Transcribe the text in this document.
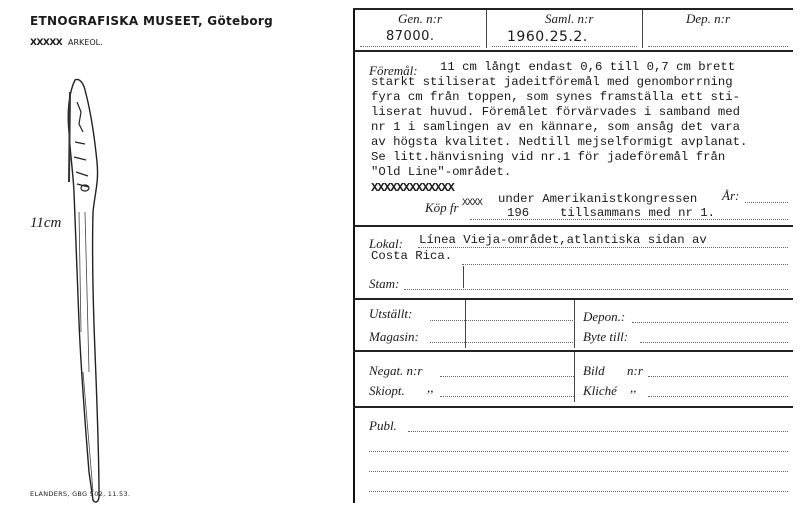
ETNOGRAFISKA MUSEET, Göteborg
XXXXX ARKEOL.
11cm
ELANDERS, GBG 502, 11.53.
Gen. n:r	Saml. n:r	Dep. n:r
87000.	1960.25.2.
Föremål: 11 cm långt endast 0,6 till 0,7 cm brett
starkt stiliserat jadeitföremål med genomborrning
fyra cm från toppen, som synes framställa ett sti-
liserat huvud. Föremålet förvärvades i samband med
nr 1 i samlingen av en kännare, som ansåg det vara
av högsta kvalitet. Nedtill mejselformigt avplanat.
Se litt.hänvisning vid nr.1 för jadeföremål från
"Old Line"-området.
XXXXXXXXXXXXX
Köp fr XXXX under Amerikanistkongressen
196	tillsammans med nr 1.
År:
Lokal: Línea Vieja-området,atlantiska sidan av
Costa Rica.
Stam:
Utställt:	Depon.:
Magasin:	Byte till:
Negat. n:r	Bild n:r
Skiopt. ,,	Kliché ,,
Publ.
